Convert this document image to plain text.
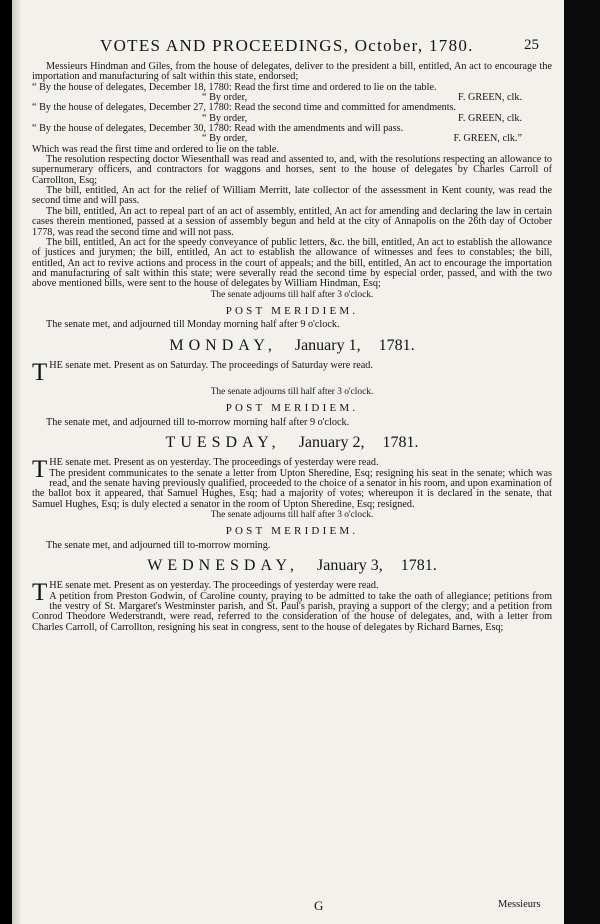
VOTES AND PROCEEDINGS, October, 1780.	25

Messieurs Hindman and Giles, from the house of delegates, deliver to the president a bill, entitled, An act to encourage the importation and manufacturing of salt within this state, endorsed;

“ By the house of delegates, December 18, 1780: Read the first time and ordered to lie on the table.

“ By order,	F. GREEN, clk.

“ By the house of delegates, December 27, 1780: Read the second time and committed for amendments.

“ By order,	F. GREEN, clk.

“ By the house of delegates, December 30, 1780: Read with the amendments and will pass.

“ By order,	F. GREEN, clk.”

Which was read the first time and ordered to lie on the table.

The resolution respecting doctor Wiesenthall was read and assented to, and, with the resolutions respecting an allowance to supernumerary officers, and contractors for waggons and horses, sent to the house of delegates by Charles Carroll of Carrollton, Esq;

The bill, entitled, An act for the relief of William Merritt, late collector of the assessment in Kent county, was read the second time and will pass.

The bill, entitled, An act to repeal part of an act of assembly, entitled, An act for amending and declaring the law in certain cases therein mentioned, passed at a session of assembly begun and held at the city of Annapolis on the 26th day of October 1778, was read the second time and will not pass.

The bill, entitled, An act for the speedy conveyance of public letters, &c. the bill, entitled, An act to establish the allowance of justices and jurymen; the bill, entitled, An act to establish the allowance of witnesses and fees to constables; the bill, entitled, An act to revive actions and process in the court of appeals; and the bill, entitled, An act to encourage the importation and manufacturing of salt within this state; were severally read the second time by especial order, passed, and with the two above mentioned bills, were sent to the house of delegates by William Hindman, Esq;

The senate adjourns till half after 3 o'clock.

POST MERIDIEM.

The senate met, and adjourned till Monday morning half after 9 o'clock.

MONDAY, January 1, 1781.

THE senate met. Present as on Saturday. The proceedings of Saturday were read.

The senate adjourns till half after 3 o'clock.

POST MERIDIEM.

The senate met, and adjourned till to-morrow morning half after 9 o'clock.

TUESDAY, January 2, 1781.

THE senate met. Present as on yesterday. The proceedings of yesterday were read.
The president communicates to the senate a letter from Upton Sheredine, Esq; resigning his seat in the senate; which was read, and the senate having previously qualified, proceeded to the choice of a senator in his room, and upon examination of the ballot box it appeared, that Samuel Hughes, Esq; had a majority of votes; whereupon it is declared in the senate, that Samuel Hughes, Esq; is duly elected a senator in the room of Upton Sheredine, Esq; resigned.

The senate adjourns till half after 3 o'clock.

POST MERIDIEM.

The senate met, and adjourned till to-morrow morning.

WEDNESDAY, January 3, 1781.

THE senate met. Present as on yesterday. The proceedings of yesterday were read.
A petition from Preston Godwin, of Caroline county, praying to be admitted to take the oath of allegiance; petitions from the vestry of St. Margaret's Westminster parish, and St. Paul's parish, praying a support of the clergy; and a petition from Conrod Theodore Wederstrandt, were read, referred to the consideration of the house of delegates, and, with a letter from Charles Carroll, of Carrollton, resigning his seat in congress, sent to the house of delegates by Richard Barnes, Esq;

G	Messieurs
